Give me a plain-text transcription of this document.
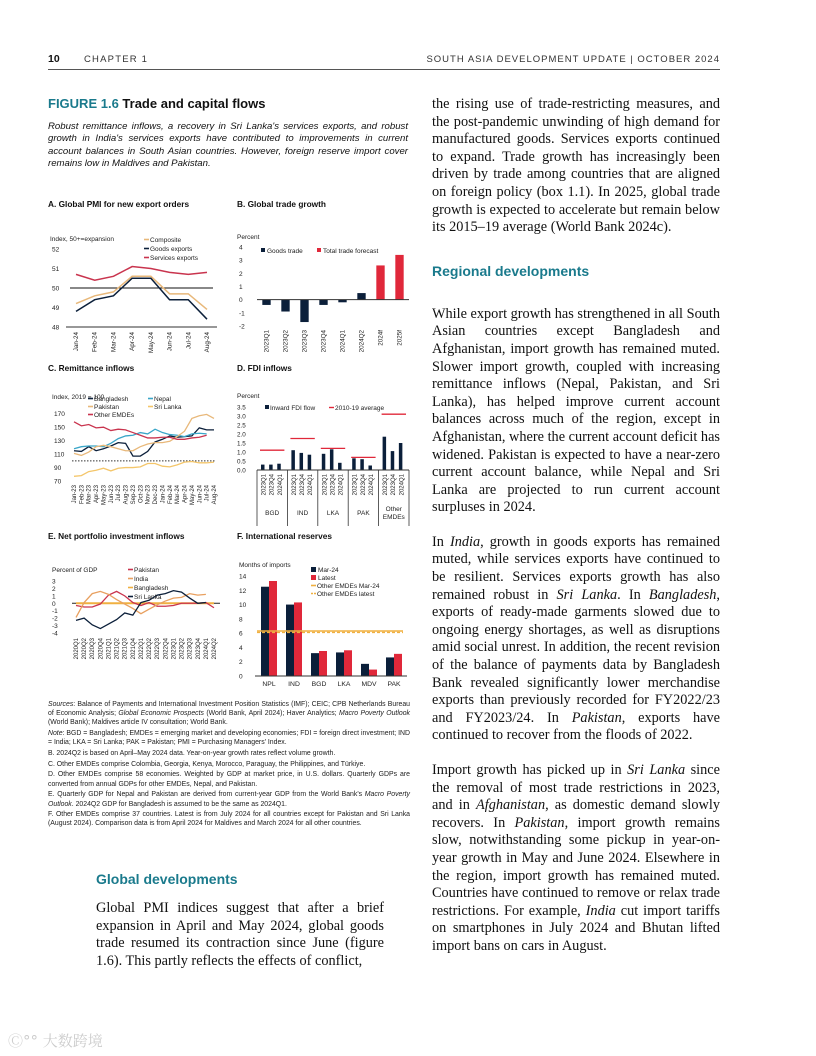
10	CHAPTER 1	SOUTH ASIA DEVELOPMENT UPDATE | OCTOBER 2024

FIGURE 1.6 Trade and capital flows

Robust remittance inflows, a recovery in Sri Lanka's services exports, and robust growth in India's services exports have contributed to improvements in current account balances in South Asian countries. However, foreign reserve import cover remains low in Maldives and Pakistan.
A. Global PMI for new export orders
48
49
50
51
52
Index, 50+=expansion
Jan-24 Feb-24 Mar-24 Apr-24 May-24 Jun-24 Jul-24 Aug-24
Composite
Goods exports
Services exports
B. Global trade growth
-2
-1
0
1
2
3
4
Percent
2023Q1 2023Q2 2023Q3 2023Q4 2024Q1 2024Q2 2024f 2025f
Goods trade	Total trade forecast
C. Remittance inflows
70
90
110
130
150
170
Index, 2019 = 100
Jan-23 Feb-23 Mar-23 Apr-23 May-23 Jun-23 Jul-23 Aug-23 Sep-23 Oct-23 Nov-23 Dec-23 Jan-24 Feb-24 Mar-24 Apr-24 May-24 Jun-24 Jul-24 Aug-24
Bangladesh
Pakistan
Other EMDEs
Nepal
Sri Lanka
D. FDI inflows
0.0
0.5
1.0
1.5
2.0
2.5
3.0
3.5
Percent
2023Q1 2023Q4 2024Q1
BGD
2023Q1 2023Q4 2024Q1
IND
2023Q1 2023Q4 2024Q1
LKA
2023Q1 2023Q4 2024Q1
PAK
2023Q1 2023Q4 2024Q1
Other
EMDEs
Inward FDI flow	2010-19 average
E. Net portfolio investment inflows
-4
-3
-2
-1
0
1
2
3
Percent of GDP
2020Q1 2020Q2 2020Q3 2020Q4 2021Q1 2021Q2 2021Q3 2021Q4 2022Q1 2022Q2 2022Q3 2022Q4 2023Q1 2023Q2 2023Q3 2023Q4 2024Q1 2024Q2
Pakistan
India
Bangladesh
Sri Lanka
F. International reserves
0
2
4
6
8
10
12
14
Months of imports
NPL IND BGD LKA MDV PAK
Mar-24
Latest
Other EMDEs Mar-24
Other EMDEs latest

Sources: Balance of Payments and International Investment Position Statistics (IMF); CEIC; CPB Netherlands Bureau of Economic Analysis; Global Economic Prospects (World Bank, April 2024); Haver Analytics; Macro Poverty Outlook (World Bank); Maldives article IV consultation; World Bank.

Note: BGD = Bangladesh; EMDEs = emerging market and developing economies; FDI = foreign direct investment; IND = India; LKA = Sri Lanka; PAK = Pakistan; PMI = Purchasing Managers' Index.

B. 2024Q2 is based on April–May 2024 data. Year-on-year growth rates reflect volume growth.

C. Other EMDEs comprise Colombia, Georgia, Kenya, Morocco, Paraguay, the Philippines, and Türkiye.

D. Other EMDEs comprise 58 economies. Weighted by GDP at market price, in U.S. dollars. Quarterly GDPs are converted from annual GDPs for other EMDEs, Nepal, and Pakistan.

E. Quarterly GDP for Nepal and Pakistan are derived from current-year GDP from the World Bank's Macro Poverty Outlook. 2024Q2 GDP for Bangladesh is assumed to be the same as 2024Q1.

F. Other EMDEs comprise 37 countries. Latest is from July 2024 for all countries except for Pakistan and Sri Lanka (August 2024). Comparison data is from April 2024 for Maldives and March 2024 for all other countries.

Global developments

Global PMI indices suggest that after a brief expansion in April and May 2024, global goods trade resumed its contraction since June (figure 1.6). This partly reflects the effects of conflict,

the rising use of trade-restricting measures, and the post-pandemic unwinding of high demand for manufactured goods. Services exports continued to expand. Trade growth has increasingly been driven by trade among countries that are aligned on foreign policy (box 1.1). In 2025, global trade growth is expected to accelerate but remain below its 2015–19 average (World Bank 2024c).

Regional developments

While export growth has strengthened in all South Asian countries except Bangladesh and Afghanistan, import growth has remained muted. Slower import growth, coupled with increasing remittance inflows (Nepal, Pakistan, and Sri Lanka), has helped improve current account balances across much of the region, except in Afghanistan, where the current account deficit has widened. Pakistan is expected to have a near-zero current account balance, while Nepal and Sri Lanka are projected to run current account surpluses in 2024.

In India, growth in goods exports has remained muted, while services exports have continued to be resilient. Services exports growth has also remained robust in Sri Lanka. In Bangladesh, exports of ready-made garments slowed due to ongoing energy shortages, as well as disruptions amid social unrest. In addition, the recent revision of the balance of payments data by Bangladesh Bank revealed significantly lower merchandise exports than previously recorded for FY2022/23 and FY2023/24. In Pakistan, exports have continued to recover from the floods of 2022.

Import growth has picked up in Sri Lanka since the removal of most trade restrictions in 2023, and in Afghanistan, as domestic demand slowly recovers. In Pakistan, import growth remains slow, notwithstanding some pickup in year-on-year growth in May and June 2024. Elsewhere in the region, import growth has remained muted. Countries have continued to remove or relax trade restrictions. For example, India cut import tariffs on smartphones in July 2024 and Bhutan lifted import bans on cars in August.

Ⓒ°° 大数跨境
